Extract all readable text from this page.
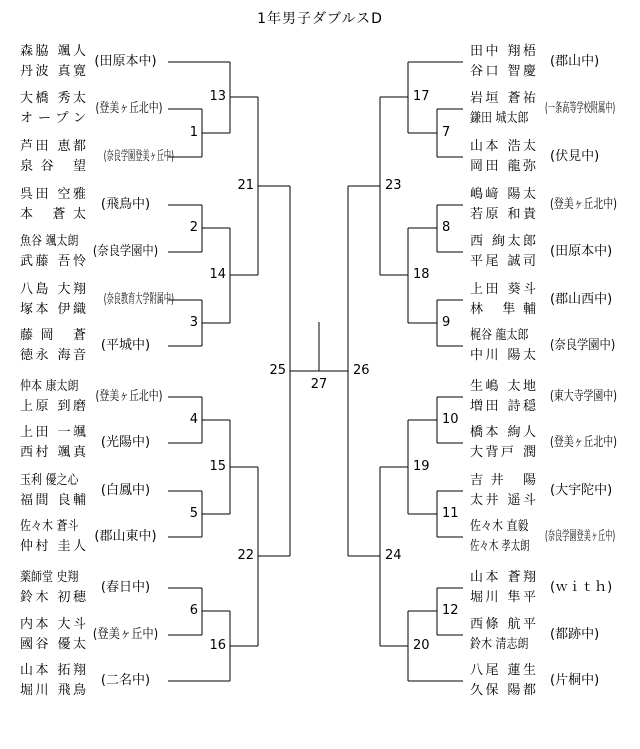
1年男子ダブルスD
森脇 颯人
丹波 真寛
(田原本中)
大橋 秀太
オープン
(登美ヶ丘北中)
芦田 恵都
泉谷 望
(奈良学園登美ヶ丘中)
呉田 空雅
本 蒼太
(飛鳥中)
魚谷 颯太朗
武藤 吾怜
(奈良学園中)
八島 大翔
塚本 伊織
(奈良教育大学附属中)
藤岡 蒼
徳永 海音
(平城中)
仲本 康太朗
上原 到磨
(登美ヶ丘北中)
上田 一颯
西村 颯真
(光陽中)
玉利 優之心
福間 良輔
(白鳳中)
佐々木 蒼斗
仲村 圭人
(郡山東中)
薬師堂 史翔
鈴木 初穂
(春日中)
内本 大斗
國谷 優太
(登美ヶ丘中)
山本 拓翔
堀川 飛鳥
(二名中)
田中 翔梧
谷口 智慶
(郡山中)
岩垣 蒼祐
鎌田 城太郎
(一条高等学校附属中)
山本 浩太
岡田 龍弥
(伏見中)
嶋﨑 陽太
若原 和貴
(登美ヶ丘北中)
西 絢太郎
平尾 誠司
(田原本中)
上田 葵斗
林 隼輔
(郡山西中)
梶谷 龍太郎
中川 陽太
(奈良学園中)
生嶋 太地
増田 詩穏
(東大寺学園中)
橋本 絢人
大背戸 潤
(登美ヶ丘北中)
吉井 陽
太井 遥斗
(大宇陀中)
佐々木 直毅
佐々木 孝太朗
(奈良学園登美ヶ丘中)
山本 蒼翔
堀川 隼平
(ｗｉｔｈ)
西條 航平
鈴木 清志朗
(都跡中)
八尾 蓮生
久保 陽都
(片桐中)
1
2
3
4
5
6
7
8
9
10
11
12
13
14
15
16
17
18
19
20
21
22
23
24
25	26
27
